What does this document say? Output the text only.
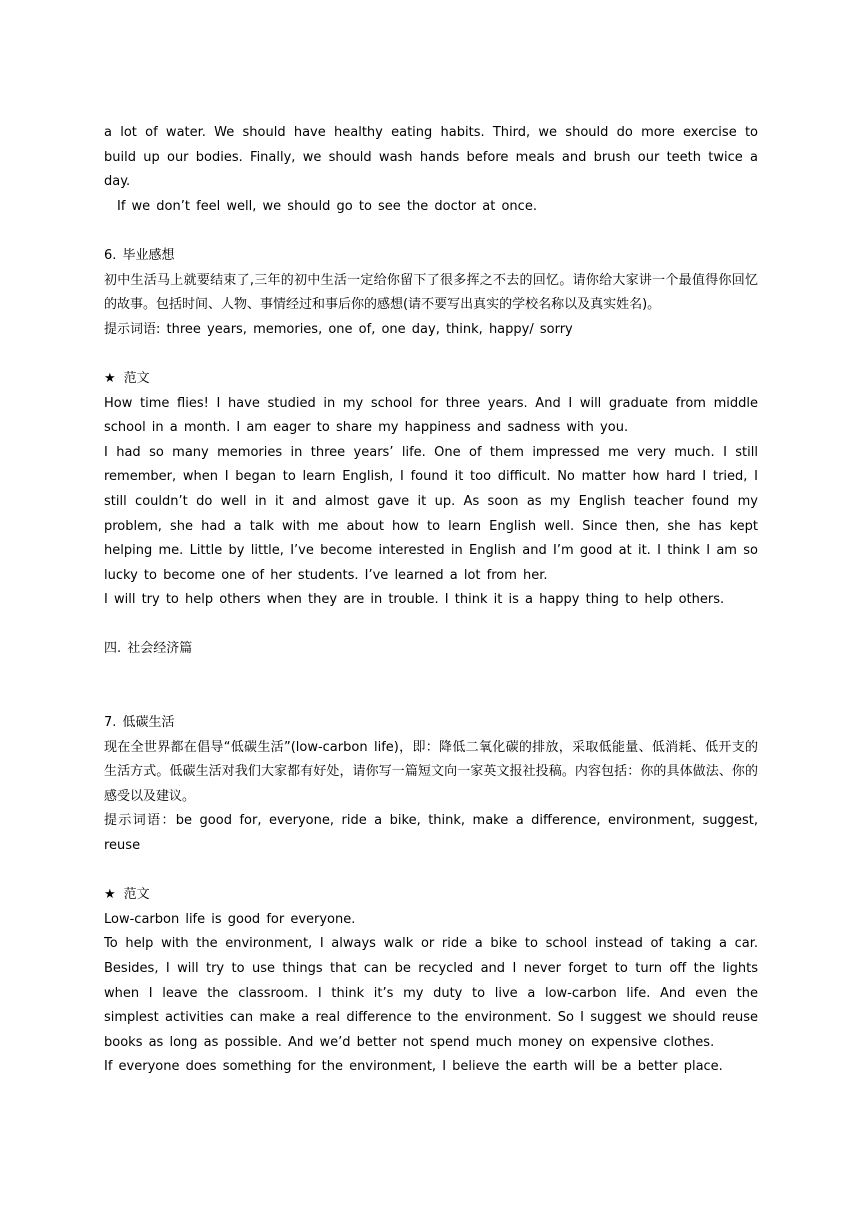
a lot of water. We should have healthy eating habits. Third, we should do more exercise to build up our bodies. Finally, we should wash hands before meals and brush our teeth twice a day.

If we don’t feel well, we should go to see the doctor at once.

6. 毕业感想

初中生活马上就要结束了,三年的初中生活一定给你留下了很多挥之不去的回忆。请你给大家讲一个最值得你回忆的故事。包括时间、人物、事情经过和事后你的感想(请不要写出真实的学校名称以及真实姓名)。

提示词语: three years, memories, one of, one day, think, happy/ sorry

★ 范文

How time flies! I have studied in my school for three years. And I will graduate from middle school in a month. I am eager to share my happiness and sadness with you.

I had so many memories in three years’ life. One of them impressed me very much. I still remember, when I began to learn English, I found it too difficult. No matter how hard I tried, I still couldn’t do well in it and almost gave it up. As soon as my English teacher found my problem, she had a talk with me about how to learn English well. Since then, she has kept helping me. Little by little, I’ve become interested in English and I’m good at it. I think I am so lucky to become one of her students. I’ve learned a lot from her.

I will try to help others when they are in trouble. I think it is a happy thing to help others.

四. 社会经济篇

7. 低碳生活

现在全世界都在倡导“低碳生活”(low-carbon life)，即：降低二氧化碳的排放，采取低能量、低消耗、低开支的生活方式。低碳生活对我们大家都有好处，请你写一篇短文向一家英文报社投稿。内容包括：你的具体做法、你的感受以及建议。

提示词语：be good for, everyone, ride a bike, think, make a difference, environment, suggest, reuse

★ 范文

Low-carbon life is good for everyone.

To help with the environment, I always walk or ride a bike to school instead of taking a car. Besides, I will try to use things that can be recycled and I never forget to turn off the lights when I leave the classroom. I think it’s my duty to live a low-carbon life. And even the simplest activities can make a real difference to the environment. So I suggest we should reuse books as long as possible. And we’d better not spend much money on expensive clothes.

If everyone does something for the environment, I believe the earth will be a better place.
